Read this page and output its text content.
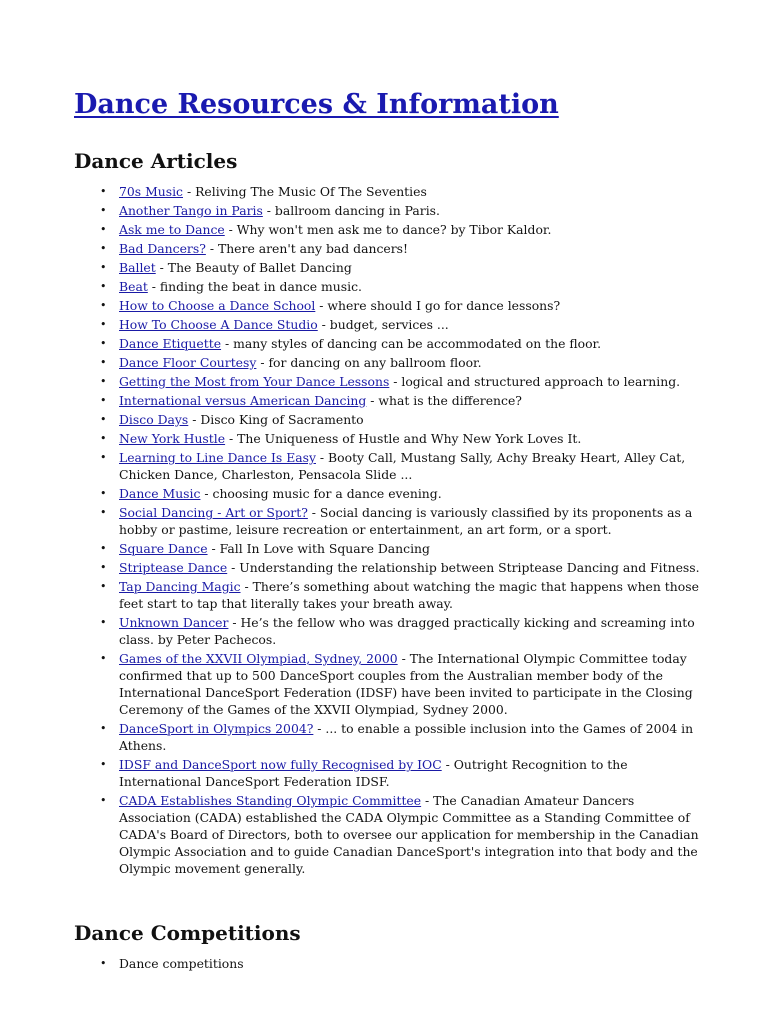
Dance Resources & Information
Dance Articles
• 70s Music - Reliving The Music Of The Seventies
• Another Tango in Paris - ballroom dancing in Paris.
• Ask me to Dance - Why won't men ask me to dance? by Tibor Kaldor.
• Bad Dancers? - There aren't any bad dancers!
• Ballet - The Beauty of Ballet Dancing
• Beat - finding the beat in dance music.
• How to Choose a Dance School - where should I go for dance lessons?
• How To Choose A Dance Studio - budget, services ...
• Dance Etiquette - many styles of dancing can be accommodated on the floor.
• Dance Floor Courtesy - for dancing on any ballroom floor.
• Getting the Most from Your Dance Lessons - logical and structured approach to learning.
• International versus American Dancing - what is the difference?
• Disco Days - Disco King of Sacramento
• New York Hustle - The Uniqueness of Hustle and Why New York Loves It.
• Learning to Line Dance Is Easy - Booty Call, Mustang Sally, Achy Breaky Heart, Alley Cat, Chicken Dance, Charleston, Pensacola Slide ...
• Dance Music - choosing music for a dance evening.
• Social Dancing - Art or Sport? - Social dancing is variously classified by its proponents as a hobby or pastime, leisure recreation or entertainment, an art form, or a sport.
• Square Dance - Fall In Love with Square Dancing
• Striptease Dance - Understanding the relationship between Striptease Dancing and Fitness.
• Tap Dancing Magic - There’s something about watching the magic that happens when those feet start to tap that literally takes your breath away.
• Unknown Dancer - He’s the fellow who was dragged practically kicking and screaming into class. by Peter Pachecos.
• Games of the XXVII Olympiad, Sydney, 2000 - The International Olympic Committee today confirmed that up to 500 DanceSport couples from the Australian member body of the International DanceSport Federation (IDSF) have been invited to participate in the Closing Ceremony of the Games of the XXVII Olympiad, Sydney 2000.
• DanceSport in Olympics 2004? - ... to enable a possible inclusion into the Games of 2004 in Athens.
• IDSF and DanceSport now fully Recognised by IOC - Outright Recognition to the International DanceSport Federation IDSF.
• CADA Establishes Standing Olympic Committee - The Canadian Amateur Dancers Association (CADA) established the CADA Olympic Committee as a Standing Committee of CADA's Board of Directors, both to oversee our application for membership in the Canadian Olympic Association and to guide Canadian DanceSport's integration into that body and the Olympic movement generally.
Dance Competitions
• Dance competitions
